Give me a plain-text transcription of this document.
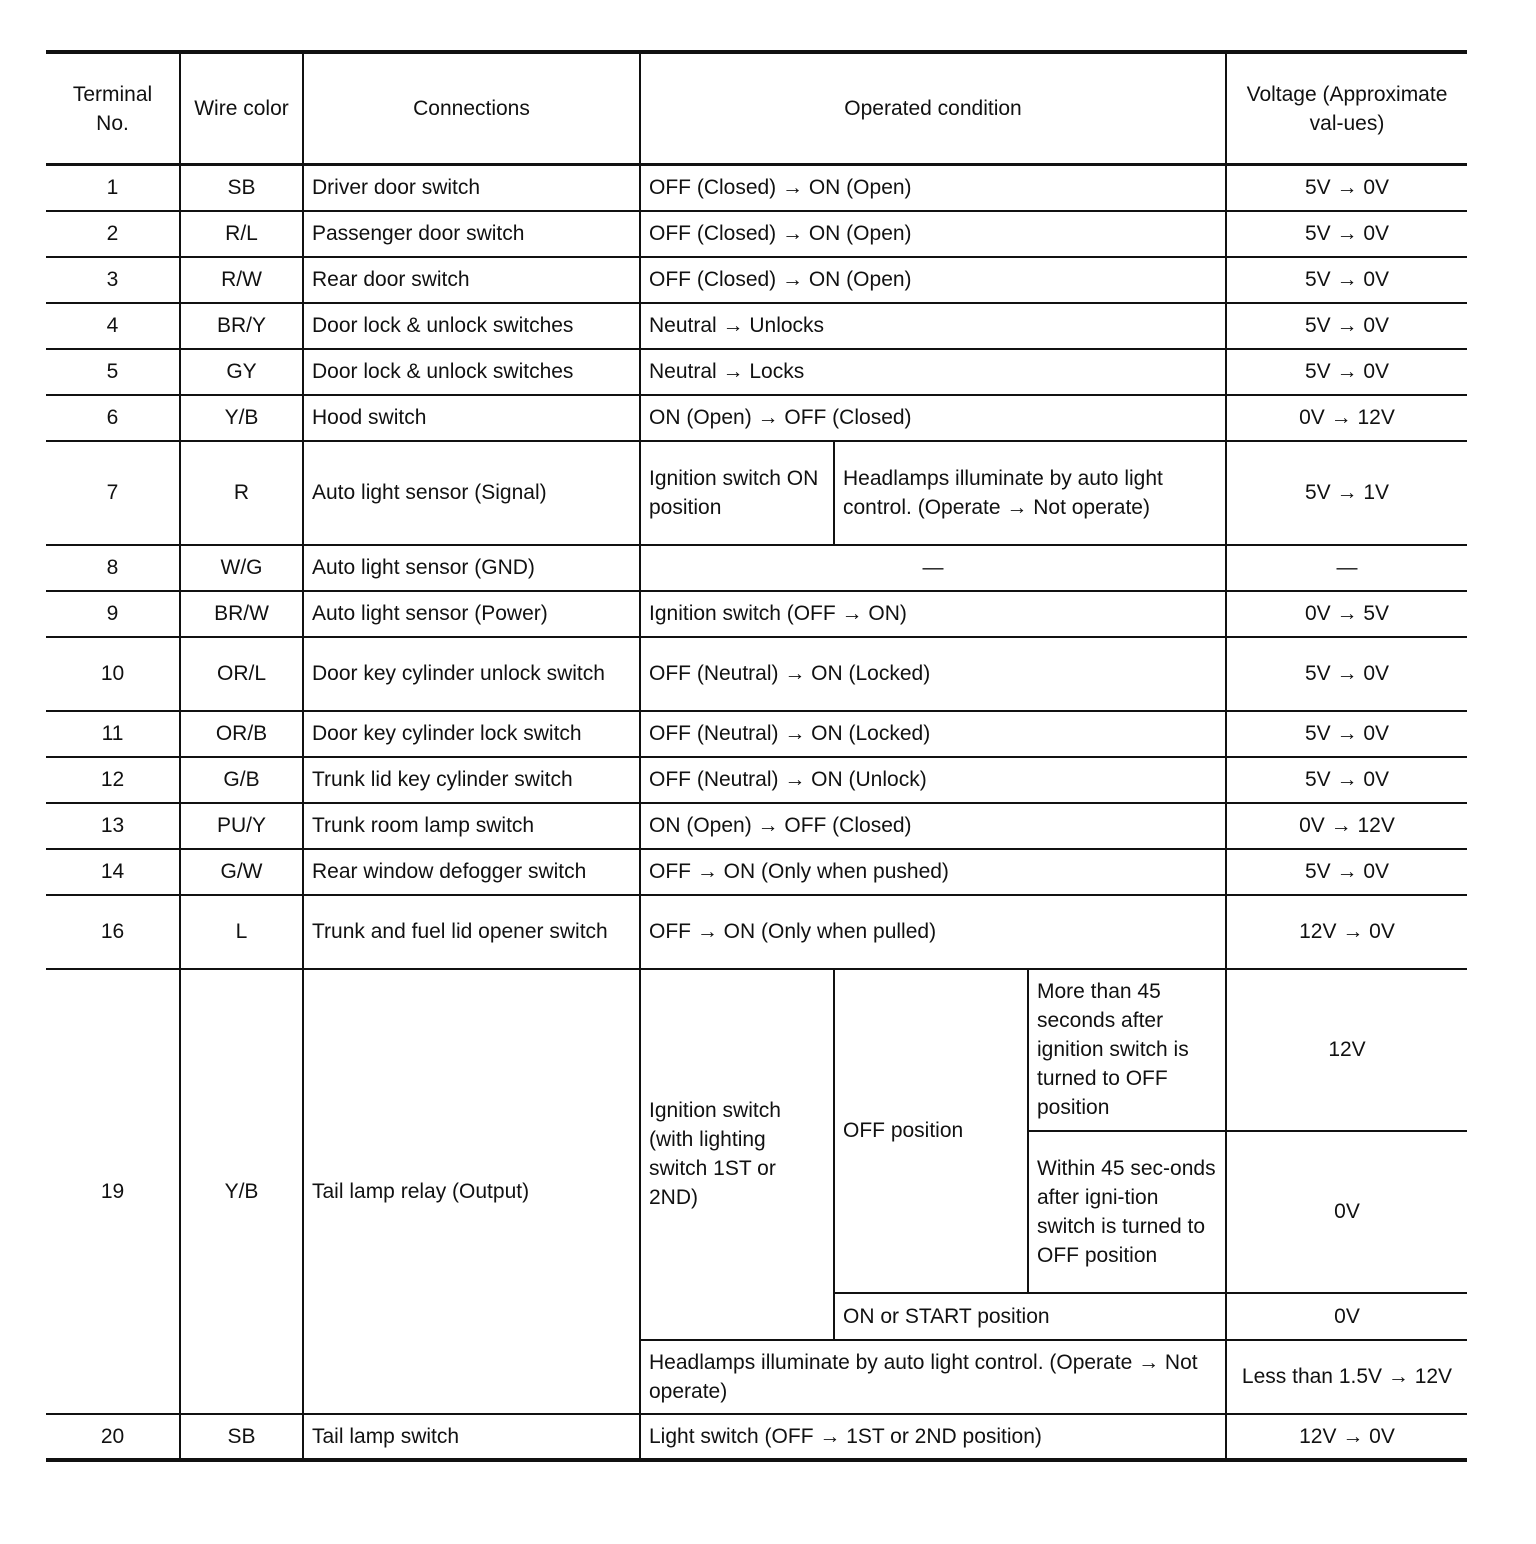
Terminal No.	Wire color	Connections	Operated condition			Voltage (Approximate val-ues)
1	SB	Driver door switch	OFF (Closed) → ON (Open)			5V → 0V
2	R/L	Passenger door switch	OFF (Closed) → ON (Open)			5V → 0V
3	R/W	Rear door switch	OFF (Closed) → ON (Open)			5V → 0V
4	BR/Y	Door lock & unlock switches	Neutral → Unlocks			5V → 0V
5	GY	Door lock & unlock switches	Neutral → Locks			5V → 0V
6	Y/B	Hood switch	ON (Open) → OFF (Closed)			0V → 12V
7	R	Auto light sensor (Signal)	Ignition switch ON position	Headlamps illuminate by auto light control. (Operate → Not operate)		5V → 1V
8	W/G	Auto light sensor (GND)	—			—
9	BR/W	Auto light sensor (Power)	Ignition switch (OFF → ON)			0V → 5V
10	OR/L	Door key cylinder unlock switch	OFF (Neutral) → ON (Locked)			5V → 0V
11	OR/B	Door key cylinder lock switch	OFF (Neutral) → ON (Locked)			5V → 0V
12	G/B	Trunk lid key cylinder switch	OFF (Neutral) → ON (Unlock)			5V → 0V
13	PU/Y	Trunk room lamp switch	ON (Open) → OFF (Closed)			0V → 12V
14	G/W	Rear window defogger switch	OFF → ON (Only when pushed)			5V → 0V
16	L	Trunk and fuel lid opener switch	OFF → ON (Only when pulled)			12V → 0V
19	Y/B	Tail lamp relay (Output)	Ignition switch (with lighting switch 1ST or 2ND)	OFF position	More than 45 seconds after ignition switch is turned to OFF position	12V
					Within 45 sec-onds after igni-tion switch is turned to OFF position	0V
				ON or START position		0V
			Headlamps illuminate by auto light control. (Operate → Not operate)			Less than 1.5V → 12V
20	SB	Tail lamp switch	Light switch (OFF → 1ST or 2ND position)			12V → 0V
